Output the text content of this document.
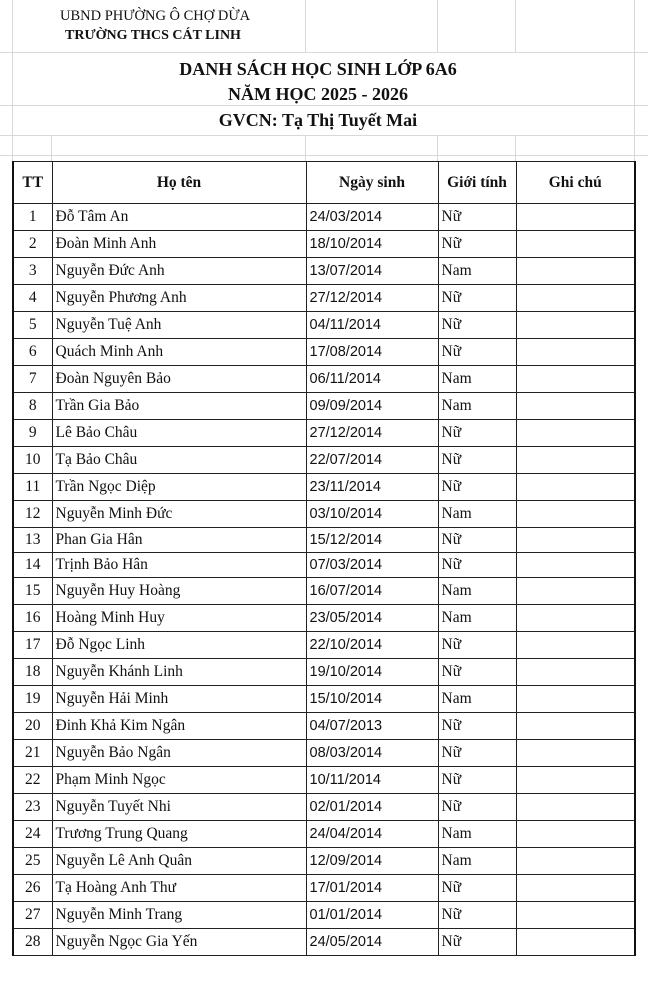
UBND PHƯỜNG Ô CHỢ DỪA
TRƯỜNG THCS CÁT LINH
DANH SÁCH HỌC SINH LỚP 6A6
NĂM HỌC 2025 - 2026
GVCN: Tạ Thị Tuyết Mai
TT	Họ tên	Ngày sinh	Giới tính	Ghi chú
1	Đỗ Tâm An	24/03/2014	Nữ	
2	Đoàn Minh Anh	18/10/2014	Nữ	
3	Nguyễn Đức Anh	13/07/2014	Nam	
4	Nguyễn Phương Anh	27/12/2014	Nữ	
5	Nguyễn Tuệ Anh	04/11/2014	Nữ	
6	Quách Minh Anh	17/08/2014	Nữ	
7	Đoàn Nguyên Bảo	06/11/2014	Nam	
8	Trần Gia Bảo	09/09/2014	Nam	
9	Lê Bảo Châu	27/12/2014	Nữ	
10	Tạ Bảo Châu	22/07/2014	Nữ	
11	Trần Ngọc Diệp	23/11/2014	Nữ	
12	Nguyễn Minh Đức	03/10/2014	Nam	
13	Phan Gia Hân	15/12/2014	Nữ	
14	Trịnh Bảo Hân	07/03/2014	Nữ	
15	Nguyễn Huy Hoàng	16/07/2014	Nam	
16	Hoàng Minh Huy	23/05/2014	Nam	
17	Đỗ Ngọc Linh	22/10/2014	Nữ	
18	Nguyễn Khánh Linh	19/10/2014	Nữ	
19	Nguyễn Hải Minh	15/10/2014	Nam	
20	Đinh Khả Kim Ngân	04/07/2013	Nữ	
21	Nguyễn Bảo Ngân	08/03/2014	Nữ	
22	Phạm Minh Ngọc	10/11/2014	Nữ	
23	Nguyễn Tuyết Nhi	02/01/2014	Nữ	
24	Trương Trung Quang	24/04/2014	Nam	
25	Nguyễn Lê Anh Quân	12/09/2014	Nam	
26	Tạ Hoàng Anh Thư	17/01/2014	Nữ	
27	Nguyễn Minh Trang	01/01/2014	Nữ	
28	Nguyễn Ngọc Gia Yến	24/05/2014	Nữ	
